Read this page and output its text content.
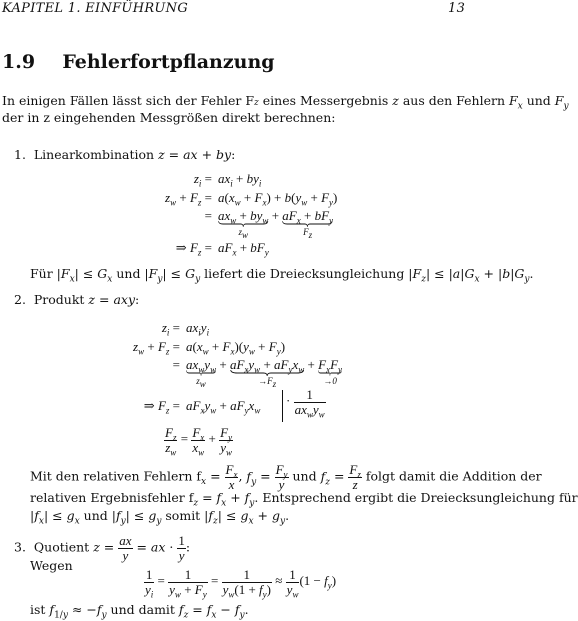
KAPITEL 1. EINFÜHRUNG	13
1.9 Fehlerfortpflanzung
In einigen Fällen lässt sich der Fehler Fz eines Messergebnis z aus den Fehlern $F_x$ und $F_y$
der in z eingehenden Messgrößen direkt berechnen:
1.  Linearkombination z = ax + by:
$z_i = ax_i + by_i$
$z_w + F_z = a(x_w + F_x) + b(y_w + F_y)$
= $ax_w + by_w$
$z_w$
+ $aF_x + bF_y$
$F_z$
⇒ $F_z = aF_x + bF_y$
Für $|F_x| \le G_x$ und $|F_y| \le G_y$ liefert die Dreiecksungleichung $|F_z| \le |a|G_x + |b|G_y$.
2.  Produkt z = axy:
$z_i = ax_iy_i$
$z_w + F_z = a(x_w + F_x)(y_w + F_y)$
= $ax_wy_w$
$z_w$
+ $aF_xy_w + aF_yx_w$
$\to F_z$
+ $F_xF_y$
→0
⇒ $F_z = aF_xy_w + aF_yx_w$
· $\frac{1}{ax_wy_w}$
$\frac{F_z}{z_w} = \frac{F_x}{x_w} + \frac{F_y}{y_w}$
Mit den relativen Fehlern $f_x = \frac{F_x}{x}$ , $f_y = \frac{F_y}{y}$ und $f_z = \frac{F_z}{z}$ folgt damit die Addition der
relativen Ergebnisfehler $f_z = f_x + f_y$. Entsprechend ergibt die Dreiecksungleichung für
$|f_x| \le g_x$ und $|f_y| \le g_y$ somit $|f_z| \le g_x + g_y$.
3. Quotient $z = \frac{ax}{y}$ = ax · $\frac{1}{y}$ :
Wegen
$\frac{1}{y_i} = \frac{1}{y_w + F_y} = \frac{1}{y_w(1 + f_y)} \approx \frac{1}{y_w} (1 - f_y)$
ist $f_{1/y} \approx -f_y$ und damit $f_z = f_x - f_y$.
